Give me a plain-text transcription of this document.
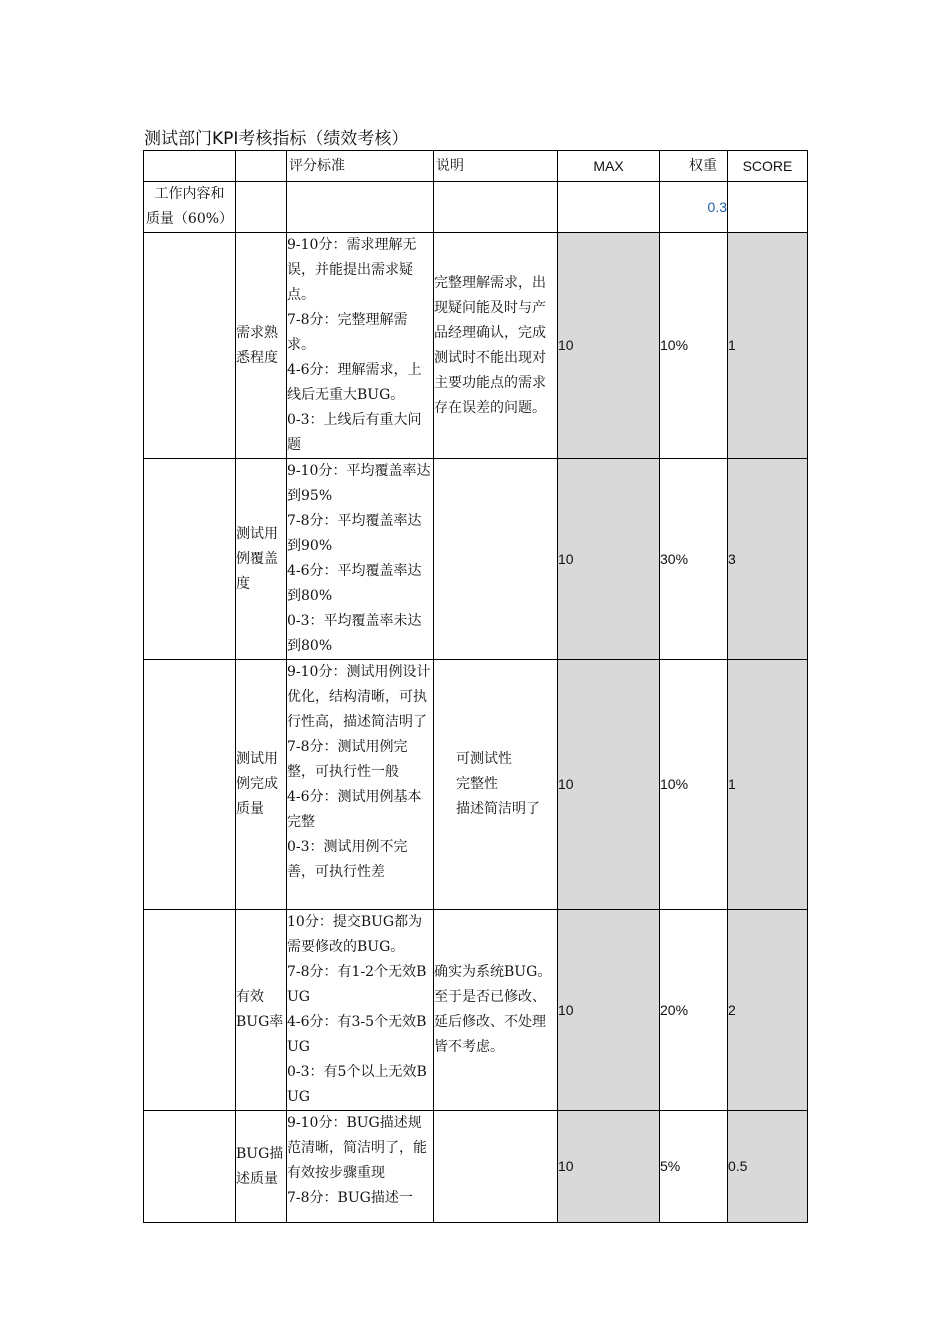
测试部门KPI考核指标（绩效考核）
		评分标准	说明	MAX	权重	SCORE
工作内容和
质量（60%）					0.3	
	需求熟
悉程度	9-10分：需求理解无误，并能提出需求疑点。
7-8分：完整理解需求。
4-6分：理解需求，上线后无重大BUG。
0-3：上线后有重大问题	完整理解需求，出现疑问能及时与产品经理确认，完成测试时不能出现对主要功能点的需求存在误差的问题。	10	10%	1
	测试用
例覆盖
度	9-10分：平均覆盖率达到95%
7-8分：平均覆盖率达到90%
4-6分：平均覆盖率达到80%
0-3：平均覆盖率未达到80%		10	30%	3
	测试用
例完成
质量	9-10分：测试用例设计优化，结构清晰，可执行性高，描述简洁明了
7-8分：测试用例完整，可执行性一般
4-6分：测试用例基本完整
0-3：测试用例不完善，可执行性差	可测试性
完整性
描述简洁明了	10	10%	1
	有效
BUG率	10分：提交BUG都为需要修改的BUG。
7-8分：有1-2个无效BUG
4-6分：有3-5个无效BUG
0-3：有5个以上无效BUG	确实为系统BUG。至于是否已修改、延后修改、不处理皆不考虑。	10	20%	2
	BUG描
述质量	9-10分：BUG描述规范清晰，简洁明了，能有效按步骤重现
7-8分：BUG描述一		10	5%	0.5
